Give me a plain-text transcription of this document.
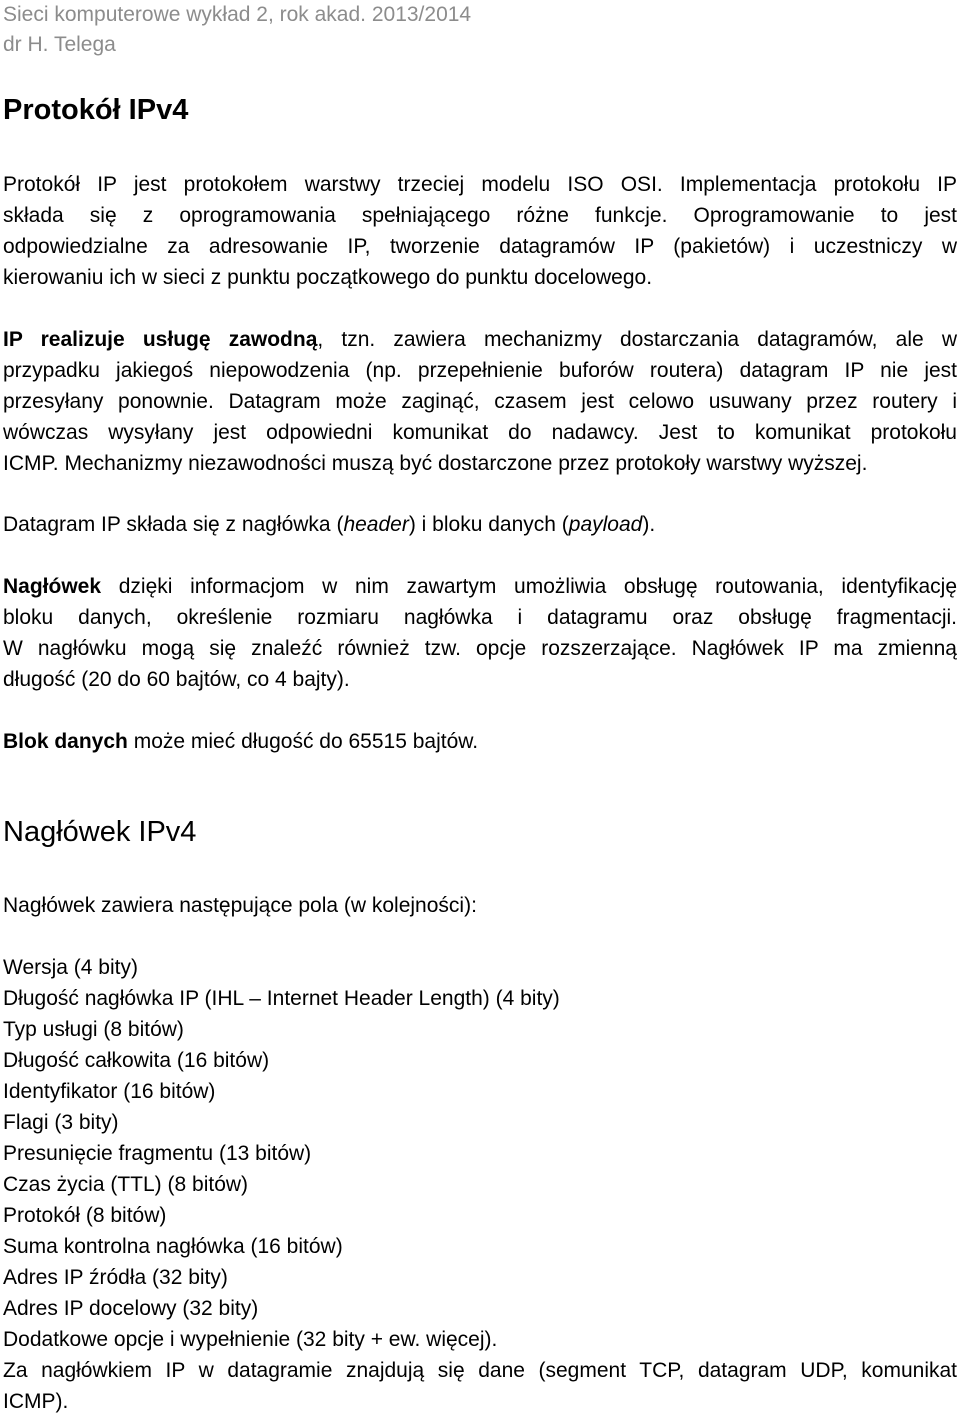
Sieci komputerowe wykład 2, rok akad. 2013/2014
dr H. Telega
Protokół IPv4
Protokół IP jest protokołem warstwy trzeciej modelu ISO OSI. Implementacja protokołu IP
składa się z oprogramowania spełniającego różne funkcje. Oprogramowanie to jest
odpowiedzialne za adresowanie IP, tworzenie datagramów IP (pakietów) i uczestniczy w
kierowaniu ich w sieci z punktu początkowego do punktu docelowego.
IP realizuje usługę zawodną, tzn. zawiera mechanizmy dostarczania datagramów, ale w
przypadku jakiegoś niepowodzenia (np. przepełnienie buforów routera) datagram IP nie jest
przesyłany ponownie. Datagram może zaginąć, czasem jest celowo usuwany przez routery i
wówczas wysyłany jest odpowiedni komunikat do nadawcy. Jest to komunikat protokołu
ICMP. Mechanizmy niezawodności muszą być dostarczone przez protokoły warstwy wyższej.

Datagram IP składa się z nagłówka (header) i bloku danych (payload).

Nagłówek dzięki informacjom w nim zawartym umożliwia obsługę routowania, identyfikację
bloku danych, określenie rozmiaru nagłówka i datagramu oraz obsługę fragmentacji.
W nagłówku mogą się znaleźć również tzw. opcje rozszerzające. Nagłówek IP ma zmienną
długość (20 do 60 bajtów, co 4 bajty).

Blok danych może mieć długość do 65515 bajtów.

Nagłówek IPv4

Nagłówek zawiera następujące pola (w kolejności):

Wersja (4 bity)
Długość nagłówka IP (IHL – Internet Header Length) (4 bity)
Typ usługi (8 bitów)
Długość całkowita (16 bitów)
Identyfikator (16 bitów)
Flagi (3 bity)
Presunięcie fragmentu (13 bitów)
Czas życia (TTL) (8 bitów)
Protokół (8 bitów)
Suma kontrolna nagłówka (16 bitów)
Adres IP źródła (32 bity)
Adres IP docelowy (32 bity)
Dodatkowe opcje i wypełnienie (32 bity + ew. więcej).
Za nagłówkiem IP w datagramie znajdują się dane (segment TCP, datagram UDP, komunikat
ICMP).
